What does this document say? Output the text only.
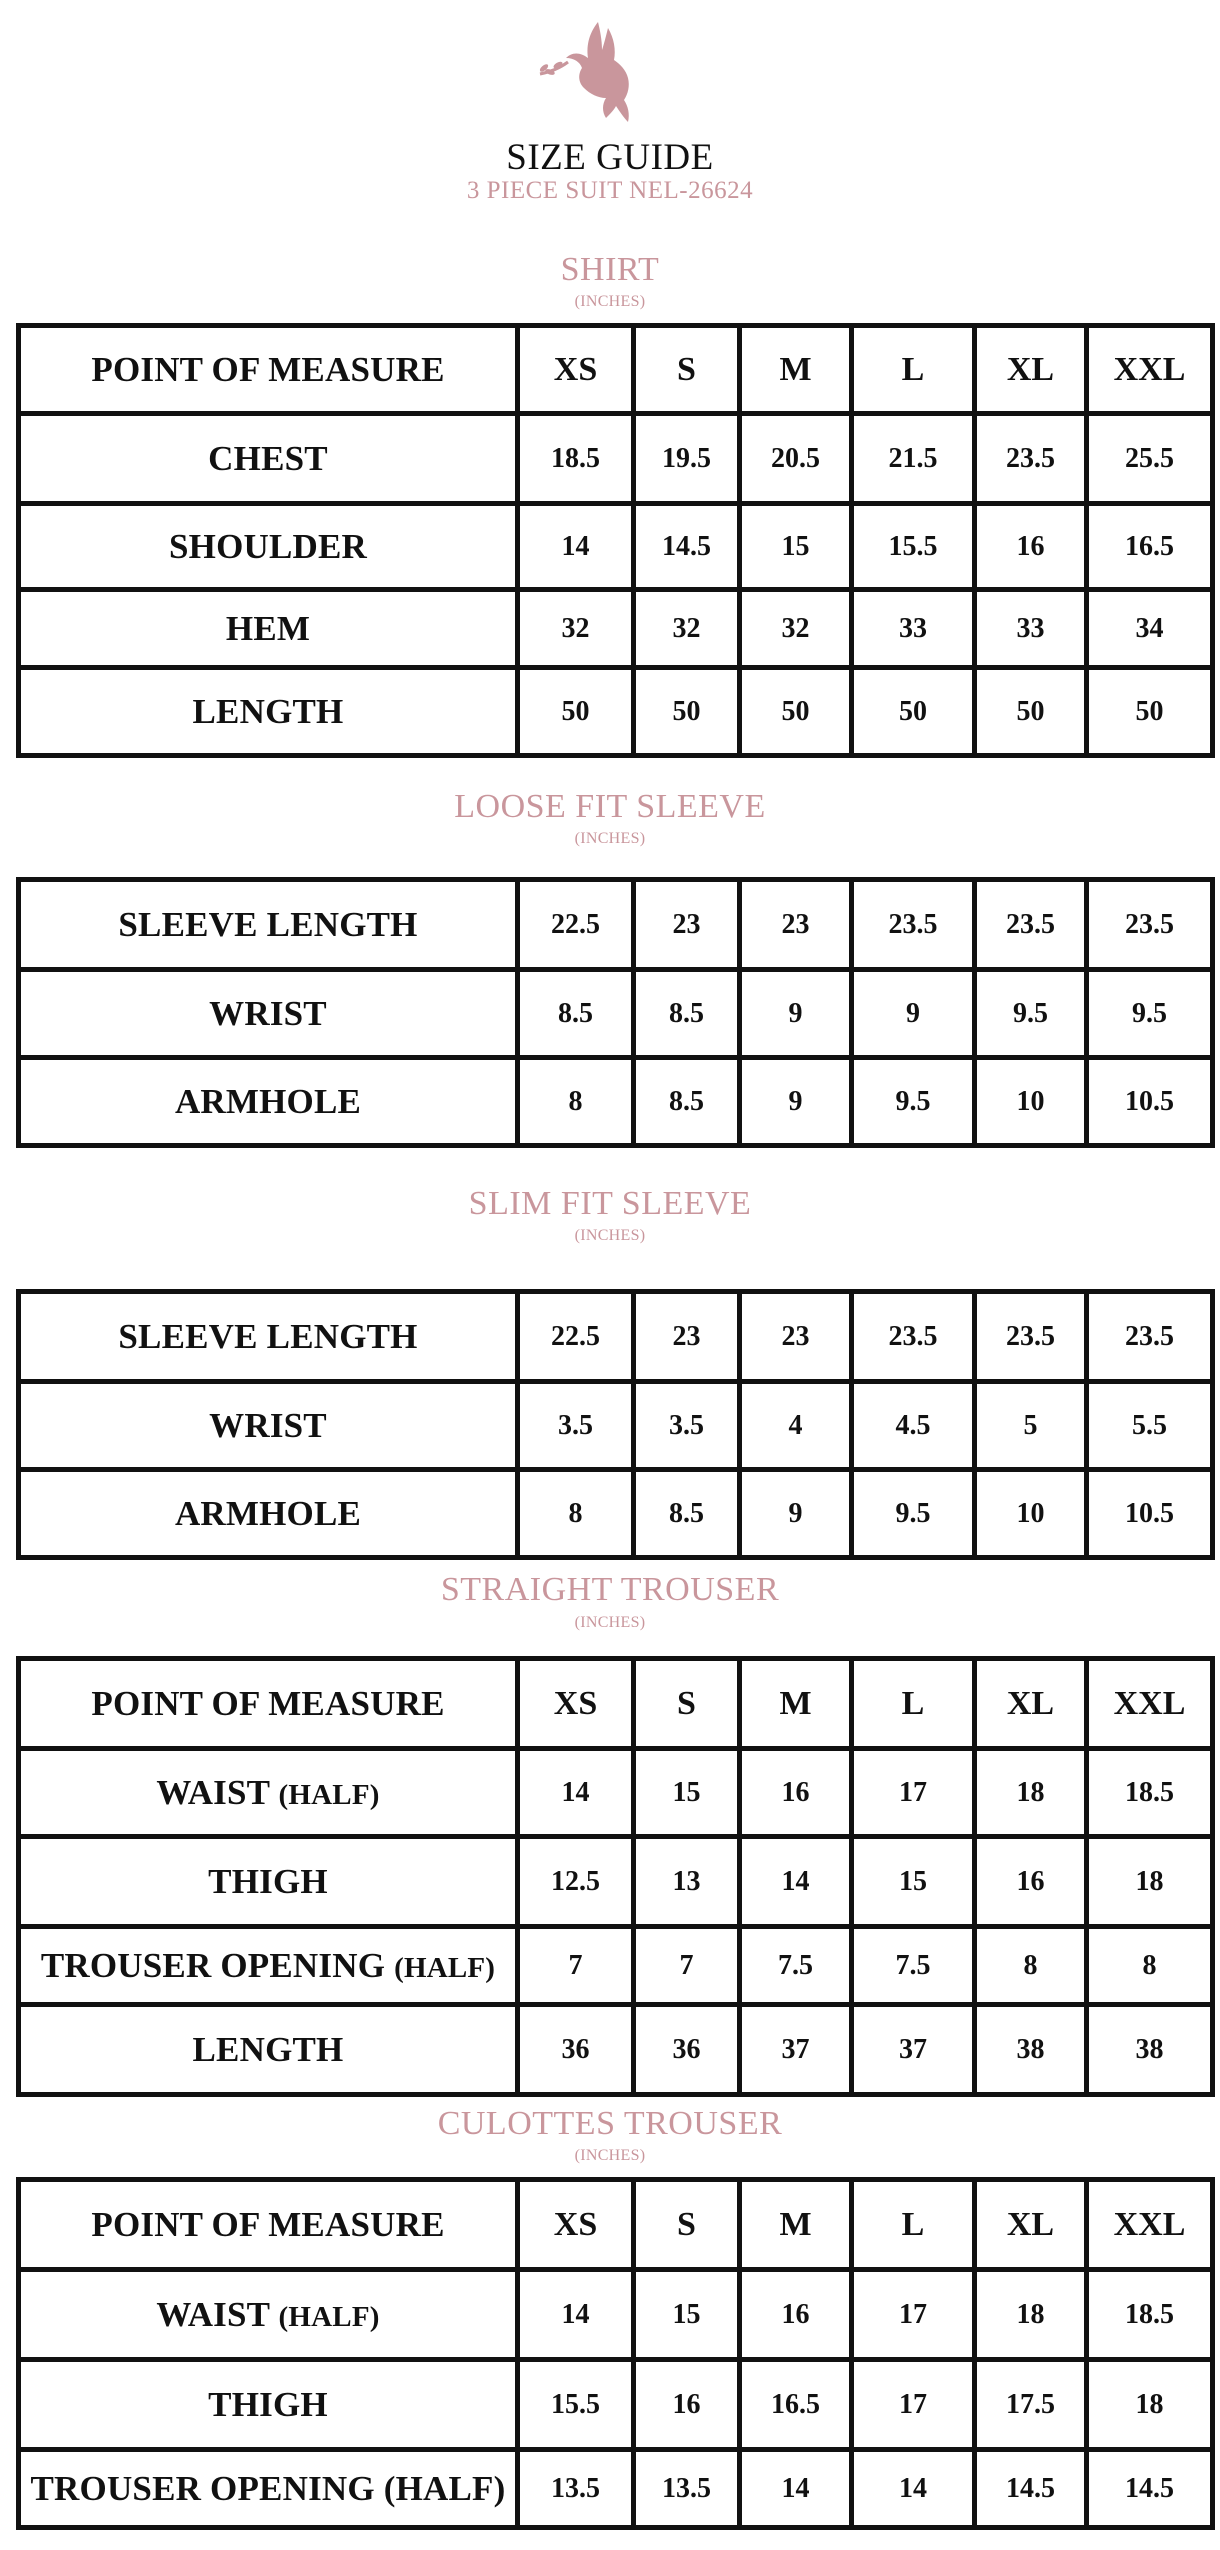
SIZE GUIDE
3 PIECE SUIT NEL-26624
SHIRT
(INCHES)
POINT OF MEASURE	XS	S	M	L	XL	XXL
CHEST	18.5	19.5	20.5	21.5	23.5	25.5
SHOULDER	14	14.5	15	15.5	16	16.5
HEM	32	32	32	33	33	34
LENGTH	50	50	50	50	50	50
LOOSE FIT SLEEVE
(INCHES)
SLEEVE LENGTH	22.5	23	23	23.5	23.5	23.5
WRIST	8.5	8.5	9	9	9.5	9.5
ARMHOLE	8	8.5	9	9.5	10	10.5
SLIM FIT SLEEVE
(INCHES)
SLEEVE LENGTH	22.5	23	23	23.5	23.5	23.5
WRIST	3.5	3.5	4	4.5	5	5.5
ARMHOLE	8	8.5	9	9.5	10	10.5
STRAIGHT TROUSER
(INCHES)
POINT OF MEASURE	XS	S	M	L	XL	XXL
WAIST (HALF)	14	15	16	17	18	18.5
THIGH	12.5	13	14	15	16	18
TROUSER OPENING (HALF)	7	7	7.5	7.5	8	8
LENGTH	36	36	37	37	38	38
CULOTTES TROUSER
(INCHES)
POINT OF MEASURE	XS	S	M	L	XL	XXL
WAIST (HALF)	14	15	16	17	18	18.5
THIGH	15.5	16	16.5	17	17.5	18
TROUSER OPENING (HALF)	13.5	13.5	14	14	14.5	14.5
